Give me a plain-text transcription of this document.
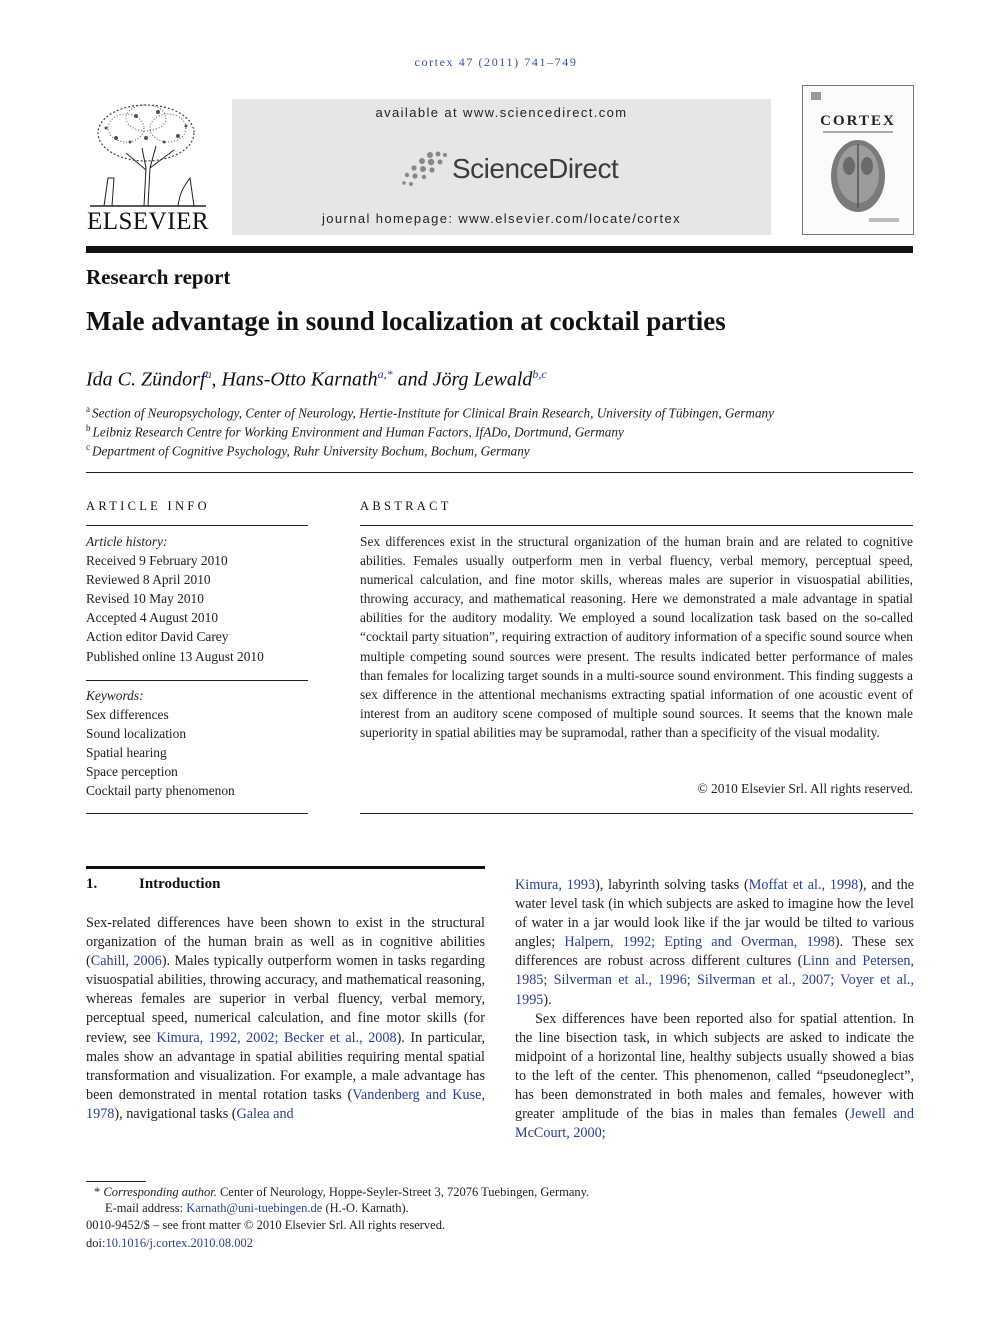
cortex 47 (2011) 741–749
ELSEVIER
available at www.sciencedirect.com
ScienceDirect
journal homepage: www.elsevier.com/locate/cortex
CORTEX
Research report
Male advantage in sound localization at cocktail parties
Ida C. Zündorf$^a$, Hans-Otto Karnath$^{a,*}$ and Jörg Lewald$^{b,c}$
$^a$ Section of Neuropsychology, Center of Neurology, Hertie-Institute for Clinical Brain Research, University of Tübingen, Germany
$^b$ Leibniz Research Centre for Working Environment and Human Factors, IfADo, Dortmund, Germany
$^c$ Department of Cognitive Psychology, Ruhr University Bochum, Bochum, Germany
ARTICLE INFO
Article history:
Received 9 February 2010
Reviewed 8 April 2010
Revised 10 May 2010
Accepted 4 August 2010
Action editor David Carey
Published online 13 August 2010
Keywords:
Sex differences
Sound localization
Spatial hearing
Space perception
Cocktail party phenomenon
ABSTRACT
Sex differences exist in the structural organization of the human brain and are related to cognitive abilities. Females usually outperform men in verbal fluency, verbal memory, perceptual speed, numerical calculation, and fine motor skills, whereas males are superior in visuospatial abilities, throwing accuracy, and mathematical reasoning. Here we demonstrated a male advantage in spatial abilities for the auditory modality. We employed a sound localization task based on the so-called “cocktail party situation”, requiring extraction of auditory information of a specific sound source when multiple competing sound sources were present. The results indicated better performance of males than females for localizing target sounds in a multi-source sound environment. This finding suggests a sex difference in the attentional mechanisms extracting spatial information of one acoustic event of interest from an auditory scene composed of multiple sound sources. It seems that the known male superiority in spatial abilities may be supramodal, rather than a specificity of the visual modality.
© 2010 Elsevier Srl. All rights reserved.
1.	Introduction

Sex-related differences have been shown to exist in the structural organization of the human brain as well as in cognitive abilities (Cahill, 2006). Males typically outperform women in tasks regarding visuospatial abilities, throwing accuracy, and mathematical reasoning, whereas females are superior in verbal fluency, verbal memory, perceptual speed, numerical calculation, and fine motor skills (for review, see Kimura, 1992, 2002; Becker et al., 2008). In particular, males show an advantage in spatial abilities requiring mental spatial transformation and visualization. For example, a male advantage has been demonstrated in mental rotation tasks (Vandenberg and Kuse, 1978), navigational tasks (Galea and

Kimura, 1993), labyrinth solving tasks (Moffat et al., 1998), and the water level task (in which subjects are asked to imagine how the level of water in a jar would look like if the jar would be tilted to various angles; Halpern, 1992; Epting and Overman, 1998). These sex differences are robust across different cultures (Linn and Petersen, 1985; Silverman et al., 1996; Silverman et al., 2007; Voyer et al., 1995).

Sex differences have been reported also for spatial attention. In the line bisection task, in which subjects are asked to indicate the midpoint of a horizontal line, healthy subjects usually showed a bias to the left of the center. This phenomenon, called “pseudoneglect”, has been demonstrated in both males and females, however with greater amplitude of the bias in males than females (Jewell and McCourt, 2000;

* Corresponding author. Center of Neurology, Hoppe-Seyler-Street 3, 72076 Tuebingen, Germany.
E-mail address: Karnath@uni-tuebingen.de (H.-O. Karnath).
0010-9452/$ – see front matter © 2010 Elsevier Srl. All rights reserved.
doi:10.1016/j.cortex.2010.08.002
